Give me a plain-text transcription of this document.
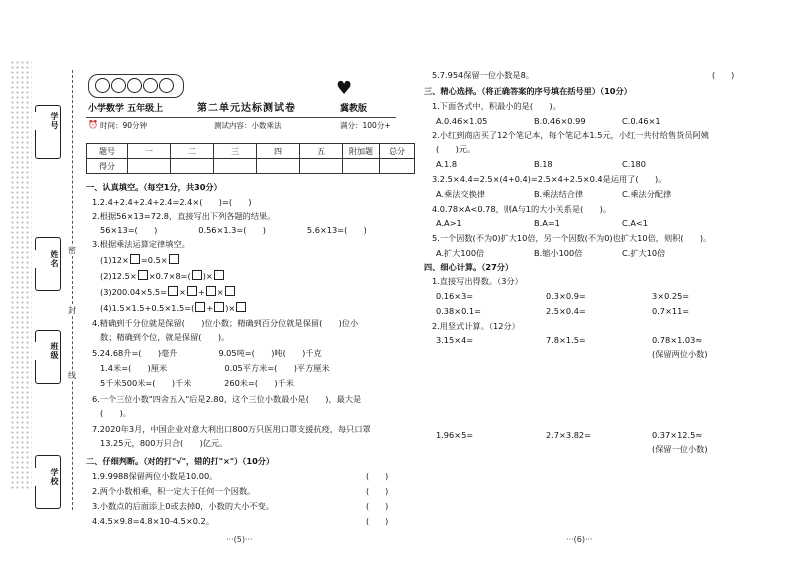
学号
姓名
班级
学校
密
封
线
小学数学 五年级上	第二单元达标测试卷
♥
冀教版
⏰ 时间：90分钟	测试内容：小数乘法	满分：100分+
题号	一	二	三	四	五	附加题	总分
得分							
一、认真填空。（每空1分，共30分）
1.2.4+2.4+2.4+2.4=2.4×(　　)=(　　)
2.根据56×13=72.8，直接写出下列各题的结果。
56×13=(　　)　　　　　0.56×1.3=(　　)　　　　　5.6×13=(　　)
3.根据乘法运算定律填空。
(1)12× =0.5×
(2)12.5× ×0.7×8=( )×
(3)200.04×5.5= × + ×
(4)1.5×1.5+0.5×1.5=( + )×
4.精确到千分位就是保留(　　)位小数；精确到百分位就是保留(　　)位小
数；精确到个位，就是保留(　　)。
5.24.68升=(　　)毫升　　　　　9.05吨=(　　)吨(　　)千克
1.4米=(　　)厘米　　　　　　　0.05平方米=(　　)平方厘米
5千米500米=(　　)千米　　　　260米=(　　)千米
6.一个三位小数"四舍五入"后是2.80，这个三位小数最小是(　　)，最大是
(　　)。
7.2020年3月，中国企业对意大利出口800万只医用口罩支援抗疫，每只口罩
13.25元，800万只合(　　)亿元。
二、仔细判断。（对的打"√"，错的打"×"）（10分）
1.9.9988保留两位小数是10.00。
2.两个小数相乘，积一定大于任何一个因数。
3.小数点的后面添上0或去掉0，小数的大小不变。
4.4.5×9.8=4.8×10-4.5×0.2。
(　　)
(　　)
(　　)
(　　)
5.7.954保留一位小数是8。	(　　)
三、精心选择。（将正确答案的序号填在括号里）（10分）
1.下面各式中，积最小的是(　　)。
A.0.46×1.05	B.0.46×0.99	C.0.46×1
2.小红到商店买了12个笔记本，每个笔记本1.5元，小红一共付给售货员阿姨
(　　)元。
A.1.8	B.18	C.180
3.2.5×4.4=2.5×(4+0.4)=2.5×4+2.5×0.4是运用了(　　)。
A.乘法交换律	B.乘法结合律	C.乘法分配律
4.0.78×A<0.78，则A与1的大小关系是(　　)。
A.A>1	B.A=1	C.A<1
5.一个因数(不为0)扩大10倍，另一个因数(不为0)也扩大10倍，则积(　　)。
A.扩大100倍	B.缩小100倍	C.扩大10倍
四、细心计算。（27分）
1.直接写出得数。（3分）
0.16×3=	0.3×0.9=	3×0.25=
0.38×0.1=	2.5×0.4=	0.7×11=
2.用竖式计算。（12分）
3.15×4=	7.8×1.5=	0.78×1.03≈
(保留两位小数)
1.96×5=	2.7×3.82=	0.37×12.5≈
(保留一位小数)
···(5)···	···(6)···
